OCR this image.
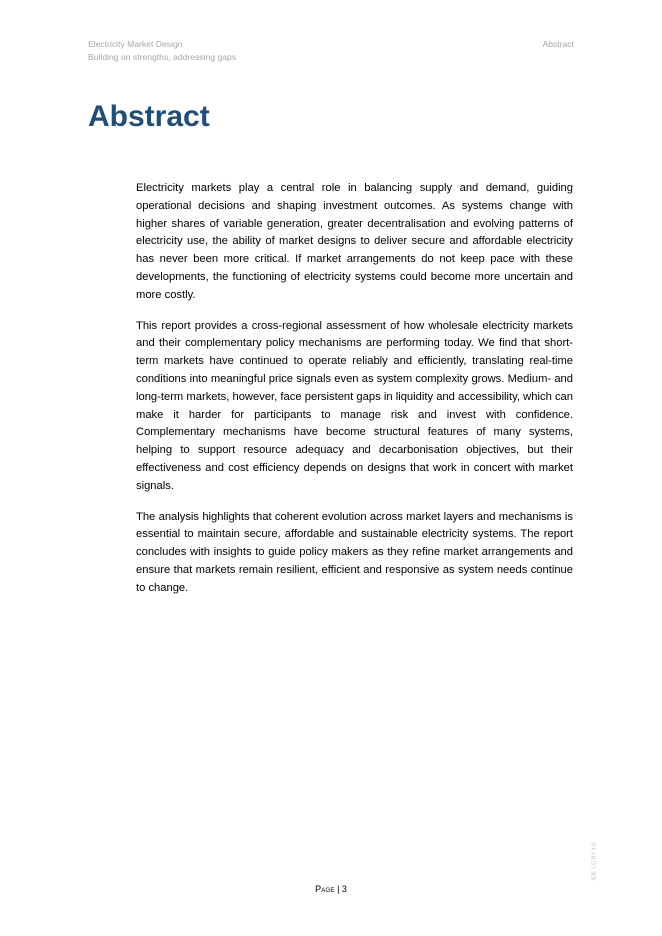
Electricity Market Design
Building on strengths, addressing gaps
Abstract
Abstract

Electricity markets play a central role in balancing supply and demand, guiding operational decisions and shaping investment outcomes. As systems change with higher shares of variable generation, greater decentralisation and evolving patterns of electricity use, the ability of market designs to deliver secure and affordable electricity has never been more critical. If market arrangements do not keep pace with these developments, the functioning of electricity systems could become more uncertain and more costly.

This report provides a cross-regional assessment of how wholesale electricity markets and their complementary policy mechanisms are performing today. We find that short-term markets have continued to operate reliably and efficiently, translating real-time conditions into meaningful price signals even as system complexity grows. Medium- and long-term markets, however, face persistent gaps in liquidity and accessibility, which can make it harder for participants to manage risk and invest with confidence. Complementary mechanisms have become structural features of many systems, helping to support resource adequacy and decarbonisation objectives, but their effectiveness and cost efficiency depends on designs that work in concert with market signals.

The analysis highlights that coherent evolution across market layers and mechanisms is essential to maintain secure, affordable and sustainable electricity systems. The report concludes with insights to guide policy makers as they refine market arrangements and ensure that markets remain resilient, efficient and responsive as system needs continue to change.

IEA. CC BY 4.0.
Page | 3
